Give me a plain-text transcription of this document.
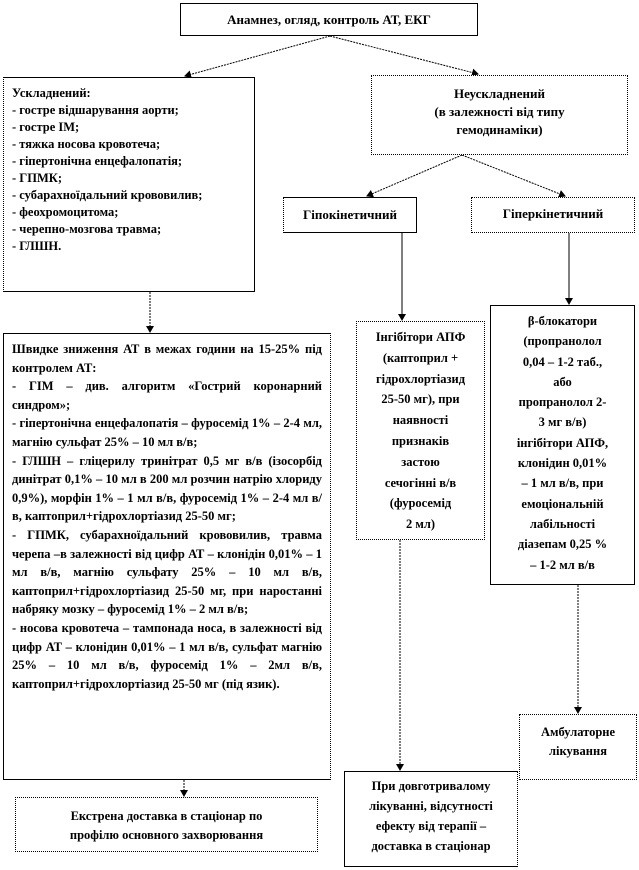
Анамнез, огляд, контроль АТ, ЕКГ
Ускладнений:
- гостре відшарування аорти;
- гостре ІМ;
- тяжка носова кровотеча;
- гіпертонічна енцефалопатія;
- ГПМК;
- субарахноїдальний крововилив;
- феохромоцитома;
- черепно-мозгова травма;
- ГЛШН.
Неускладнений
(в залежності від типу
гемодинаміки)
Гіпокінетичний	Гіперкінетичний
Швидке зниження АТ в межах години на 15-25% під контролем АТ:
- ГІМ – див. алгоритм «Гострий коронарний синдром»;
- гіпертонічна енцефалопатія – фуросемід 1% – 2-4 мл, магнію сульфат 25% – 10 мл в/в;
- ГЛШН – гліцерилу тринітрат 0,5 мг в/в (ізосорбід динітрат 0,1% – 10 мл в 200 мл розчин натрію хлориду 0,9%), морфін 1% – 1 мл в/в, фуросемід 1% – 2-4 мл в/в, каптоприл+гідрохлортіазид 25-50 мг;
- ГПМК, субарахноїдальний крововилив, травма черепа –в залежності від цифр АТ – клонідін 0,01% – 1 мл в/в, магнію сульфату 25% – 10 мл в/в, каптоприл+гідрохлортіазид 25-50 мг, при наростанні набряку мозку – фуросемід 1% – 2 мл в/в;
- носова кровотеча – тампонада носа, в залежності від цифр АТ – клонідин 0,01% – 1 мл в/в, сульфат магнію 25% – 10 мл в/в, фуросемід 1% – 2мл в/в, каптоприл+гідрохлортіазид 25-50 мг (під язик).
Інгібітори АПФ
(каптоприл +
гідрохлортіазид
25-50 мг), при
наявності
признаків
застою
сечогінні в/в
(фуросемід
2 мл)
β-блокатори
(пропранолол
0,04 – 1-2 таб.,
або
пропранолол 2-
3 мг в/в)
інгібітори АПФ,
клонідин 0,01%
– 1 мл в/в, при
емоціональній
лабільності
діазепам 0,25 %
– 1-2 мл в/в
Амбулаторне
лікування
При довготривалому
лікуванні, відсутності
ефекту від терапії –
доставка в стаціонар
Екстрена доставка в стаціонар по
профілю основного захворювання
